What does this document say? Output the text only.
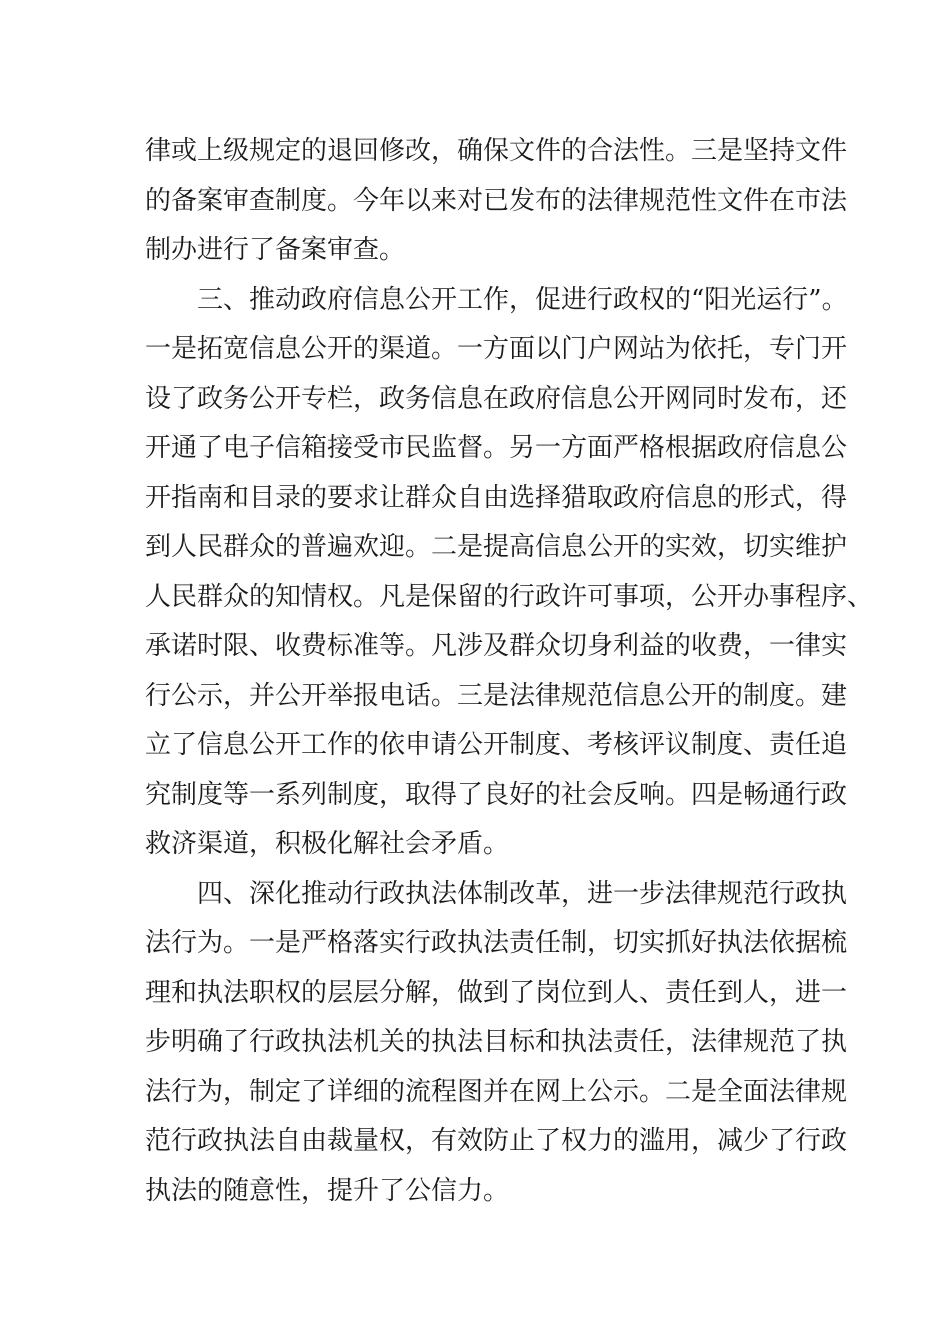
律或上级规定的退回修改，确保文件的合法性。三是坚持文件
的备案审查制度。今年以来对已发布的法律规范性文件在市法
制办进行了备案审查。
三、推动政府信息公开工作，促进行政权的“阳光运行”。
一是拓宽信息公开的渠道。一方面以门户网站为依托，专门开
设了政务公开专栏，政务信息在政府信息公开网同时发布，还
开通了电子信箱接受市民监督。另一方面严格根据政府信息公
开指南和目录的要求让群众自由选择猎取政府信息的形式，得
到人民群众的普遍欢迎。二是提高信息公开的实效，切实维护
人民群众的知情权。凡是保留的行政许可事项，公开办事程序、
承诺时限、收费标准等。凡涉及群众切身利益的收费，一律实
行公示，并公开举报电话。三是法律规范信息公开的制度。建
立了信息公开工作的依申请公开制度、考核评议制度、责任追
究制度等一系列制度，取得了良好的社会反响。四是畅通行政
救济渠道，积极化解社会矛盾。
四、深化推动行政执法体制改革，进一步法律规范行政执
法行为。一是严格落实行政执法责任制，切实抓好执法依据梳
理和执法职权的层层分解，做到了岗位到人、责任到人，进一
步明确了行政执法机关的执法目标和执法责任，法律规范了执
法行为，制定了详细的流程图并在网上公示。二是全面法律规
范行政执法自由裁量权，有效防止了权力的滥用，减少了行政
执法的随意性，提升了公信力。
